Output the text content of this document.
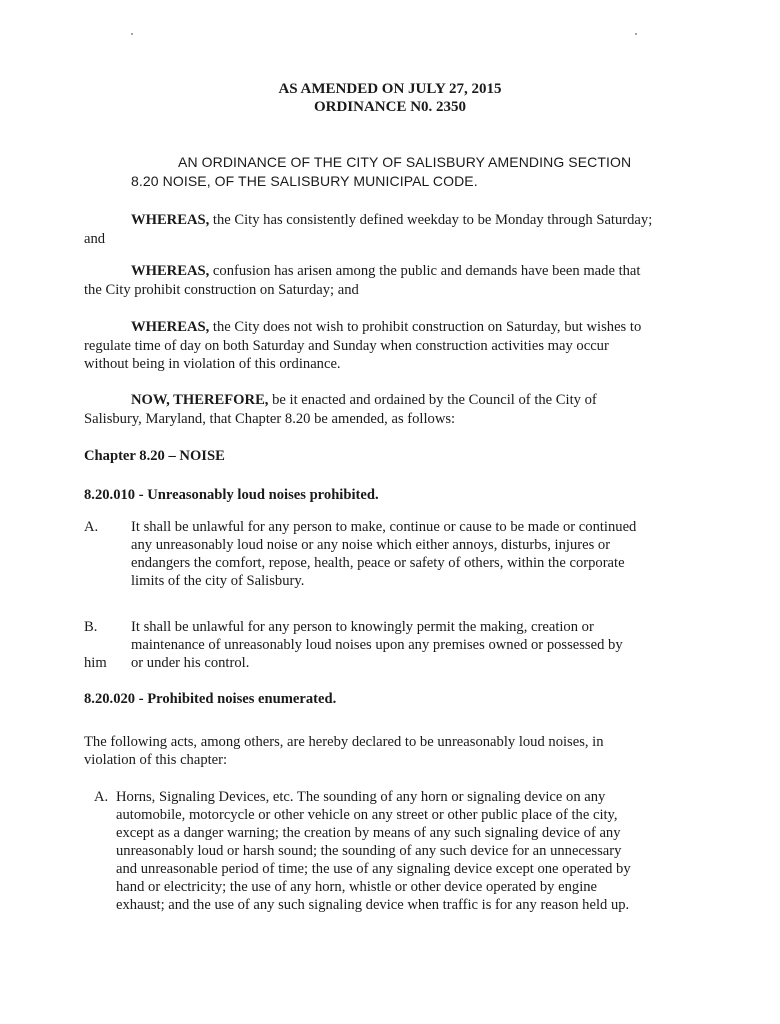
AS AMENDED ON JULY 27, 2015
ORDINANCE N0. 2350
AN ORDINANCE OF THE CITY OF SALISBURY AMENDING SECTION
8.20 NOISE, OF THE SALISBURY MUNICIPAL CODE.
WHEREAS, the City has consistently defined weekday to be Monday through Saturday;
and
WHEREAS, confusion has arisen among the public and demands have been made that
the City prohibit construction on Saturday; and
WHEREAS, the City does not wish to prohibit construction on Saturday, but wishes to
regulate time of day on both Saturday and Sunday when construction activities may occur
without being in violation of this ordinance.
NOW, THEREFORE, be it enacted and ordained by the Council of the City of
Salisbury, Maryland, that Chapter 8.20 be amended, as follows:
Chapter 8.20 – NOISE
8.20.010 - Unreasonably loud noises prohibited.
A. It shall be unlawful for any person to make, continue or cause to be made or continued
any unreasonably loud noise or any noise which either annoys, disturbs, injures or
endangers the comfort, repose, health, peace or safety of others, within the corporate
limits of the city of Salisbury.
B. It shall be unlawful for any person to knowingly permit the making, creation or
maintenance of unreasonably loud noises upon any premises owned or possessed by
or under his control.
him
8.20.020 - Prohibited noises enumerated.
The following acts, among others, are hereby declared to be unreasonably loud noises, in
violation of this chapter:
A. Horns, Signaling Devices, etc. The sounding of any horn or signaling device on any
automobile, motorcycle or other vehicle on any street or other public place of the city,
except as a danger warning; the creation by means of any such signaling device of any
unreasonably loud or harsh sound; the sounding of any such device for an unnecessary
and unreasonable period of time; the use of any signaling device except one operated by
hand or electricity; the use of any horn, whistle or other device operated by engine
exhaust; and the use of any such signaling device when traffic is for any reason held up.
